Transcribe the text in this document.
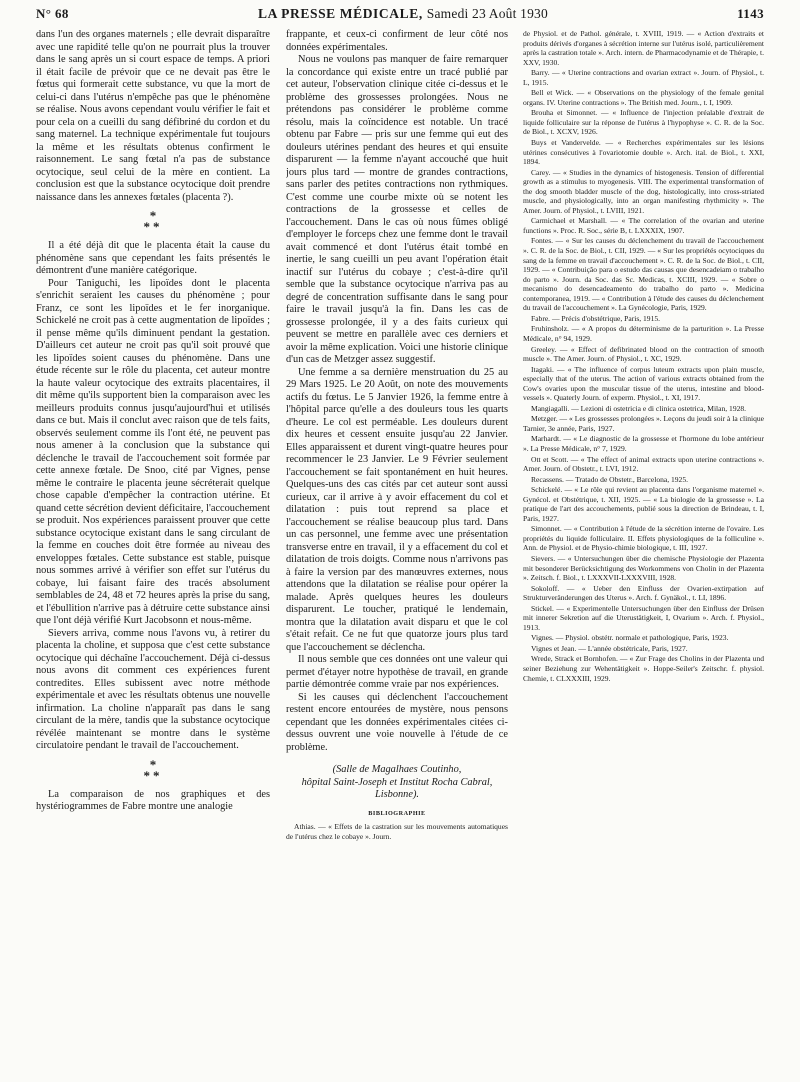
N° 68	LA PRESSE MÉDICALE, Samedi 23 Août 1930	1143

dans l'un des organes maternels ; elle devrait disparaître avec une rapidité telle qu'on ne pourrait plus la trouver dans le sang après un si court espace de temps. A priori il était facile de prévoir que ce ne devait pas être le fœtus qui formerait cette substance, vu que la mort de celui-ci dans l'utérus n'empêche pas que le phénomène se réalise. Nous avons cependant voulu vérifier le fait et pour cela on a cueilli du sang défibriné du cordon et du sang maternel. La technique expérimentale fut toujours la même et les résultats obtenus confirment le raisonnement. Le sang fœtal n'a pas de substance ocytocique, seul celui de la mère en contient. La conclusion est que la substance ocytocique doit prendre naissance dans les annexes fœtales (placenta ?).

*
**

Il a été déjà dit que le placenta était la cause du phénomène sans que cependant les faits présentés le démontrent d'une manière catégorique.

Pour Taniguchi, les lipoïdes dont le placenta s'enrichit seraient les causes du phénomène ; pour Franz, ce sont les lipoïdes et le fer inorganique. Schickelé ne croit pas à cette augmentation de lipoïdes ; il pense même qu'ils diminuent pendant la gestation. D'ailleurs cet auteur ne croit pas qu'il soit prouvé que les lipoïdes soient causes du phénomène. Dans une étude récente sur le rôle du placenta, cet auteur montre la haute valeur ocytocique des extraits placentaires, il dit même qu'ils supportent bien la comparaison avec les meilleurs produits connus jusqu'aujourd'hui et utilisés dans ce but. Mais il conclut avec raison que de tels faits, observés seulement comme ils l'ont été, ne peuvent pas nous amener à la conclusion que la substance qui déclenche le travail de l'accouchement soit formée par cette annexe fœtale. De Snoo, cité par Vignes, pense même le contraire le placenta jeune sécréterait quelque chose capable d'empêcher la contraction utérine. Et quand cette sécrétion devient déficitaire, l'accouchement se produit. Nos expériences paraissent prouver que cette substance ocytocique existant dans le sang circulant de la femme en couches doit être formée au niveau des enveloppes fœtales. Cette substance est stable, puisque nous sommes arrivé à vérifier son effet sur l'utérus du cobaye, lui faisant faire des tracés absolument semblables de 24, 48 et 72 heures après la prise du sang, et l'ébullition n'arrive pas à détruire cette substance ainsi que l'ont déjà vérifié Kurt Jacobsonn et nous-même.

Sievers arriva, comme nous l'avons vu, à retirer du placenta la choline, et supposa que c'est cette substance ocytocique qui déchaîne l'accouchement. Déjà ci-dessus nous avons dit comment ces expériences furent contredites. Elles subissent avec notre méthode expérimentale et avec les résultats obtenus une nouvelle infirmation. La choline n'apparaît pas dans le sang circulant de la mère, tandis que la substance ocytocique révélée maintenant se montre dans le système circulatoire pendant le travail de l'accouchement.

*
**

La comparaison de nos graphiques et des hystériogrammes de Fabre montre une analogie

frappante, et ceux-ci confirment de leur côté nos données expérimentales.

Nous ne voulons pas manquer de faire remarquer la concordance qui existe entre un tracé publié par cet auteur, l'observation clinique citée ci-dessus et le problème des grossesses prolongées. Nous ne prétendons pas considérer le problème comme résolu, mais la coïncidence est notable. Un tracé obtenu par Fabre — pris sur une femme qui eut des douleurs utérines pendant des heures et qui ensuite disparurent — la femme n'ayant accouché que huit jours plus tard — montre de grandes contractions, sans parler des petites contractions non rythmiques. C'est comme une courbe mixte où se notent les contractions de la grossesse et celles de l'accouchement. Dans le cas où nous fûmes obligé d'employer le forceps chez une femme dont le travail avait commencé et dont l'utérus était tombé en inertie, le sang cueilli un peu avant l'opération était inactif sur l'utérus du cobaye ; c'est-à-dire qu'il semble que la substance ocytocique n'arriva pas au degré de concentration suffisante dans le sang pour faire le travail jusqu'à la fin. Dans les cas de grossesse prolongée, il y a des faits curieux qui peuvent se mettre en parallèle avec ces derniers et avoir la même explication. Voici une historie clinique d'un cas de Metzger assez suggestif.

Une femme a sa dernière menstruation du 25 au 29 Mars 1925. Le 20 Août, on note des mouvements actifs du fœtus. Le 5 Janvier 1926, la femme entre à l'hôpital parce qu'elle a des douleurs tous les quarts d'heure. Le col est perméable. Les douleurs durent dix heures et cessent ensuite jusqu'au 22 Janvier. Elles apparaissent et durent vingt-quatre heures pour recommencer le 23 Janvier. Le 9 Février seulement l'accouchement se fait spontanément en huit heures. Quelques-uns des cas cités par cet auteur sont aussi curieux, car il arrive à y avoir effacement du col et dilatation : puis tout reprend sa place et l'accouchement se réalise beaucoup plus tard. Dans un cas personnel, une femme avec une présentation transverse entre en travail, il y a effacement du col et dilatation de trois doigts. Comme nous n'arrivons pas à faire la version par des manœuvres externes, nous attendons que la dilatation se réalise pour opérer la malade. Après quelques heures les douleurs disparurent. Le toucher, pratiqué le lendemain, montra que la dilatation avait disparu et que le col s'était refait. Ce ne fut que quatorze jours plus tard que l'accouchement se déclencha.

Il nous semble que ces données ont une valeur qui permet d'étayer notre hypothèse de travail, en grande partie démontrée comme vraie par nos expériences.

Si les causes qui déclenchent l'accouchement restent encore entourées de mystère, nous pensons cependant que les données expérimentales citées ci-dessus ouvrent une voie nouvelle à l'étude de ce problème.

(Salle de Magalhaes Coutinho,
hôpital Saint-Joseph et Institut Rocha Cabral,
Lisbonne).
BIBLIOGRAPHIE

Athias. — « Effets de la castration sur les mouvements automatiques de l'utérus chez le cobaye ». Journ.

de Physiol. et de Pathol. générale, t. XVIII, 1919. — « Action d'extraits et produits dérivés d'organes à sécrétion interne sur l'utérus isolé, particulièrement après la castration totale ». Arch. intern. de Pharmacodynamie et de Thérapie, t. XXV, 1930.

Barry. — « Uterine contractions and ovarian extract ». Journ. of Physiol., t. L, 1915.

Bell et Wick. — « Observations on the physiology of the female genital organs. IV. Uterine contractions ». The British med. Journ., t. I, 1909.

Brouha et Simonnet. — « Influence de l'injection préalable d'extrait de liquide folliculaire sur la réponse de l'utérus à l'hypophyse ». C. R. de la Soc. de Biol., t. XCXV, 1926.

Buys et Vandervelde. — « Recherches expérimentales sur les lésions utérines consécutives à l'ovariotomie double ». Arch. ital. de Biol., t. XXI, 1894.

Carey. — « Studies in the dynamics of histogenesis. Tension of differential growth as a stimulus to myogenesis. VIII. The experimental transformation of the dog smooth bladder muscle of the dog, histologically, into cross-striated muscle, and physiologically, into an organ manifesting rhythmicity ». The Amer. Journ. of Physiol., t. LVIII, 1921.

Carmichael et Marshall. — « The correlation of the ovarian and uterine functions ». Proc. R. Soc., série B, t. LXXXIX, 1907.

Fontes. — « Sur les causes du déclenchement du travail de l'accouchement ». C. R. de la Soc. de Biol., t. CII, 1929. — « Sur les propriétés ocytociques du sang de la femme en travail d'accouchement ». C. R. de la Soc. de Biol., t. CII, 1929. — « Contribuição para o estudo das causas que desencadeiam o trabalho do parto ». Journ. da Soc. das Sc. Medicas, t. XCIII, 1929. — « Sobre o mecanismo do desencadeamento do trabalho do parto ». Medicina contemporanea, 1919. — « Contribution à l'étude des causes du déclenchement du travail de l'accouchement ». La Gynécologie, Paris, 1929.

Fabre. — Précis d'obstétrique, Paris, 1915.

Fruhinsholz. — « A propos du déterminisme de la parturition ». La Presse Médicale, n° 94, 1929.

Greeley. — « Effect of defibrinated blood on the contraction of smooth muscle ». The Amer. Journ. of Physiol., t. XC, 1929.

Itagaki. — « The influence of corpus luteum extracts upon plain muscle, especially that of the uterus. The action of various extracts obtained from the Cow's ovaries upon the muscular tissue of the uterus, intestine and blood-vessels ». Quaterly Journ. of experm. Physiol., t. XI, 1917.

Mangiagalli. — Lezioni di ostetricia e di clinica ostetrica, Milan, 1928.

Metzger. — « Les grossesses prolongées ». Leçons du jeudi soir à la clinique Tarnier, 3e année, Paris, 1927.

Marhardt. — « Le diagnostic de la grossesse et l'hormone du lobe antérieur ». La Presse Médicale, n° 7, 1929.

Ott et Scott. — « The effect of animal extracts upon uterine contractions ». Amer. Journ. of Obstetr., t. LVI, 1912.

Recassens. — Tratado de Obstetr., Barcelona, 1925.

Schickelé. — « Le rôle qui revient au placenta dans l'organisme maternel ». Gynécol. et Obstétrique, t. XII, 1925. — « La biologie de la grossesse ». La pratique de l'art des accouchements, publié sous la direction de Brindeau, t. I, Paris, 1927.

Simonnet. — « Contribution à l'étude de la sécrétion interne de l'ovaire. Les propriétés du liquide folliculaire. II. Effets physiologiques de la folliculine ». Ann. de Physiol. et de Physio-chimie biologique, t. III, 1927.

Sievers. — « Untersuchungen über die chemische Physiologie der Plazenta mit besonderer Berücksichtigung des Workommens von Cholin in der Plazenta ». Zeitsch. f. Biol., t. LXXXVII-LXXXVIII, 1928.

Sokoloff. — « Ueber den Einfluss der Ovarien-extirpation auf Strukturveränderungen des Uterus ». Arch. f. Gynäkol., t. LI, 1896.

Stickel. — « Experimentelle Untersuchungen über den Einfluss der Drüsen mit innerer Sekretion auf die Uterustätigkeit, I, Ovarium ». Arch. f. Physiol., 1913.

Vignes. — Physiol. obstétr. normale et pathologique, Paris, 1923.

Vignes et Jean. — L'année obstétricale, Paris, 1927.

Wrede, Strack et Bornhofen. — « Zur Frage des Cholins in der Plazenta und seiner Beziehung zur Wehentätigkeit ». Hoppe-Seiler's Zeitschr. f. physiol. Chemie, t. CLXXXIII, 1929.
